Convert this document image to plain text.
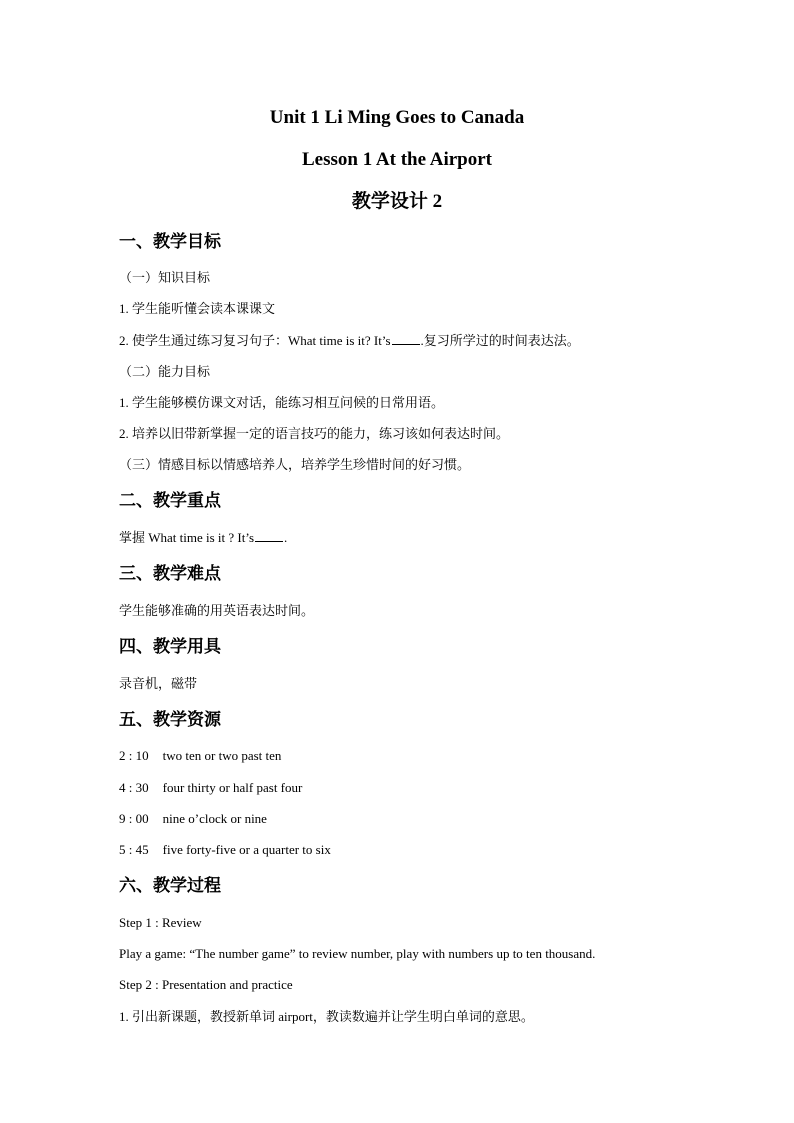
Unit 1 Li Ming Goes to Canada
Lesson 1 At the Airport
教学设计 2
一、教学目标
（一）知识目标
1. 学生能听懂会读本课课文
2. 使学生通过练习复习句子：What time is it? It’s .复习所学过的时间表达法。
（二）能力目标
1. 学生能够模仿课文对话，能练习相互问候的日常用语。
2. 培养以旧带新掌握一定的语言技巧的能力，练习该如何表达时间。
（三）情感目标以情感培养人，培养学生珍惜时间的好习惯。
二、教学重点
掌握 What time is it ? It’s .
三、教学难点
学生能够准确的用英语表达时间。
四、教学用具
录音机，磁带
五、教学资源
2 : 10 two ten or two past ten
4 : 30 four thirty or half past four
9 : 00 nine o’clock or nine
5 : 45 five forty-five or a quarter to six
六、教学过程
Step 1 : Review
Play a game: “The number game” to review number, play with numbers up to ten thousand.
Step 2 : Presentation and practice
1. 引出新课题，教授新单词 airport，教读数遍并让学生明白单词的意思。
